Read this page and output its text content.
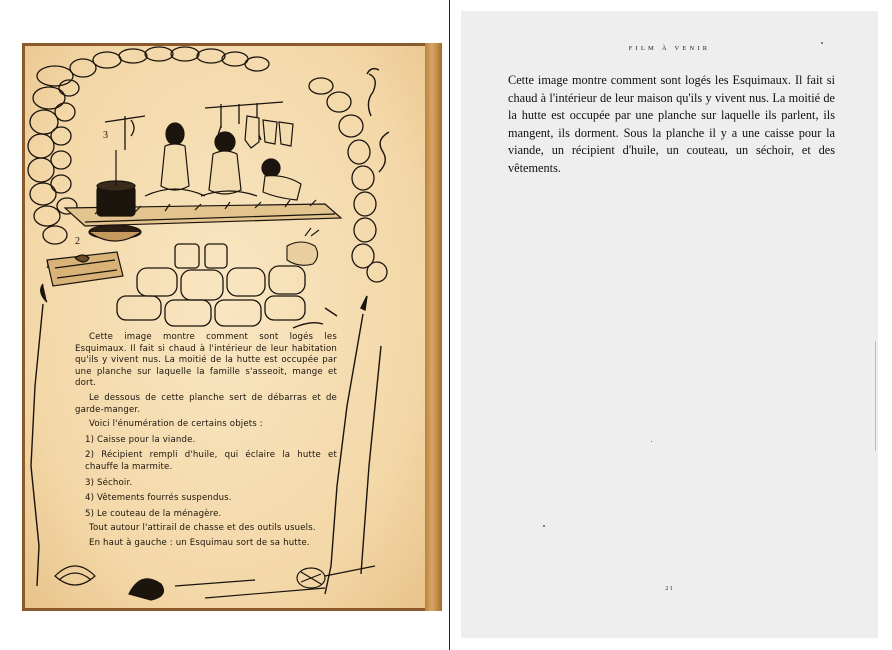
3
2
1

Cette image montre comment sont logés les Esquimaux. Il fait si chaud à l'intérieur de leur habitation qu'ils y vivent nus. La moitié de la hutte est occupée par une planche sur laquelle la famille s'asseoit, mange et dort.

Le dessous de cette planche sert de débarras et de garde-manger.

Voici l'énumération de certains objets :

1) Caisse pour la viande.

2) Récipient rempli d'huile, qui éclaire la hutte et chauffe la marmite.

3) Séchoir.

4) Vêtements fourrés suspendus.

5) Le couteau de la ménagère.

Tout autour l'attirail de chasse et des outils usuels.

En haut à gauche : un Esquimau sort de sa hutte.

FILM À VENIR

Cette image montre comment sont logés les Esquimaux. Il fait si chaud à l'intérieur de leur maison qu'ils y vivent nus. La moitié de la hutte est occupée par une planche sur laquelle ils parlent, ils mangent, ils dorment. Sous la planche il y a une caisse pour la viande, un récipient d'huile, un couteau, un séchoir, et des vêtements.

21
